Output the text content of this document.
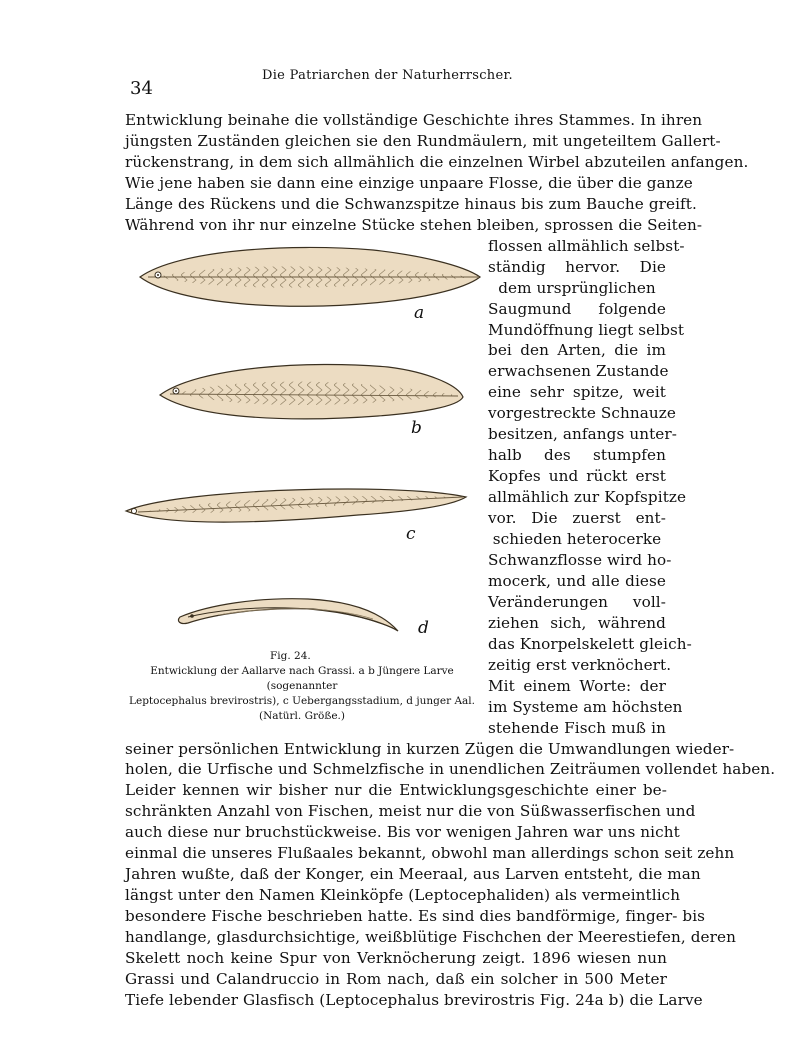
34
Die Patriarchen der Naturherrscher.
Entwicklung beinahe die vollständige Geschichte ihres Stammes. In ihren
jüngsten Zuständen gleichen sie den Rundmäulern, mit ungeteiltem Gallert-
rückenstrang, in dem sich allmählich die einzelnen Wirbel abzuteilen anfangen.
Wie jene haben sie dann eine einzige unpaare Flosse, die über die ganze
Länge des Rückens und die Schwanzspitze hinaus bis zum Bauche greift.
Während von ihr nur einzelne Stücke stehen bleiben, sprossen die Seiten-
flossen allmählich selbst-
ständig hervor. Die
dem ursprünglichen
Saugmund folgende
Mundöffnung liegt selbst
bei den Arten, die im
erwachsenen Zustande
eine sehr spitze, weit
vorgestreckte Schnauze
besitzen, anfangs unter-
halb des stumpfen
Kopfes und rückt erst
allmählich zur Kopfspitze
vor. Die zuerst ent-
schieden heterocerke
Schwanzflosse wird ho-
mocerk, und alle diese
Veränderungen voll-
ziehen sich, während
das Knorpelskelett gleich-
zeitig erst verknöchert.
Mit einem Worte: der
im Systeme am höchsten
stehende Fisch muß in
seiner persönlichen Entwicklung in kurzen Zügen die Umwandlungen wieder-
holen, die Urfische und Schmelzfische in unendlichen Zeiträumen vollendet haben.
Leider kennen wir bisher nur die Entwicklungsgeschichte einer be-
schränkten Anzahl von Fischen, meist nur die von Süßwasserfischen und
auch diese nur bruchstückweise. Bis vor wenigen Jahren war uns nicht
einmal die unseres Flußaales bekannt, obwohl man allerdings schon seit zehn
Jahren wußte, daß der Konger, ein Meeraal, aus Larven entsteht, die man
längst unter den Namen Kleinköpfe (Leptocephaliden) als vermeintlich
besondere Fische beschrieben hatte. Es sind dies bandförmige, finger- bis
handlange, glasdurchsichtige, weißblütige Fischchen der Meerestiefen, deren
Skelett noch keine Spur von Verknöcherung zeigt. 1896 wiesen nun
Grassi und Calandruccio in Rom nach, daß ein solcher in 500 Meter
Tiefe lebender Glasfisch (Leptocephalus brevirostris Fig. 24a b) die Larve
a
b
c
d
Fig. 24.
Entwicklung der Aallarve nach Grassi. a b Jüngere Larve (sogenannter
Leptocephalus brevirostris), c Uebergangsstadium, d junger Aal.
(Natürl. Größe.)
